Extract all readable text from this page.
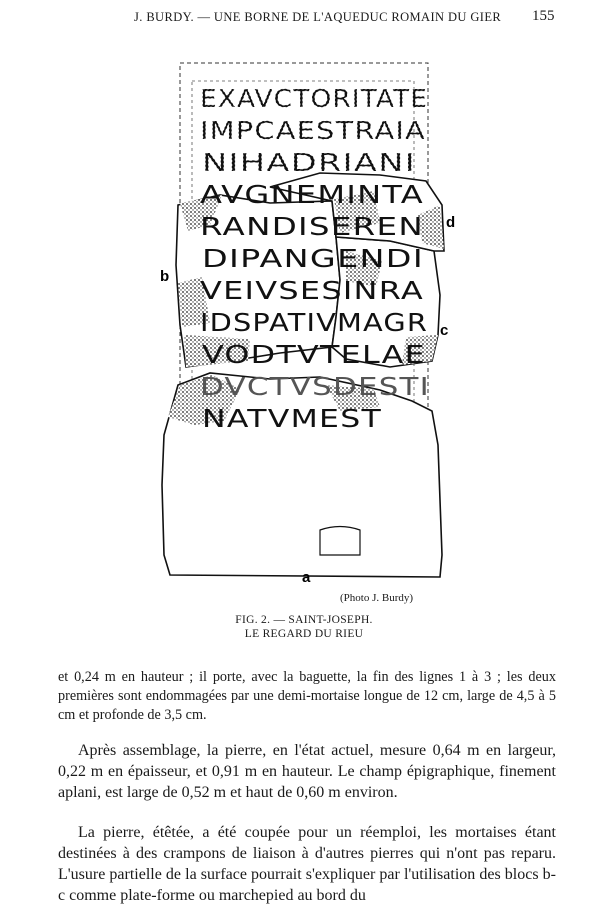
J. BURDY. — UNE BORNE DE L'AQUEDUC ROMAIN DU GIER 155
EXAVCTORITATE
IMPCAESTRAIA
NIHADRIANI
AVGNEMINTA
RANDISEREN
DIPANGENDI
VEIVSESINRA
IDSPATIVMAGR
VODTVTELAE
DVCTVSDESTI
NATVMEST
a
b
c
d
(Photo J. Burdy)
FIG. 2. — SAINT-JOSEPH.
LE REGARD DU RIEU

et 0,24 m en hauteur ; il porte, avec la baguette, la fin des lignes 1 à 3 ; les deux premières sont endommagées par une demi-mortaise longue de 12 cm, large de 4,5 à 5 cm et profonde de 3,5 cm.

Après assemblage, la pierre, en l'état actuel, mesure 0,64 m en largeur, 0,22 m en épaisseur, et 0,91 m en hauteur. Le champ épigraphique, finement aplani, est large de 0,52 m et haut de 0,60 m environ.

La pierre, étêtée, a été coupée pour un réemploi, les mortaises étant destinées à des crampons de liaison à d'autres pierres qui n'ont pas reparu. L'usure partielle de la surface pourrait s'expliquer par l'utilisation des blocs b-c comme plate-forme ou marchepied au bord du
